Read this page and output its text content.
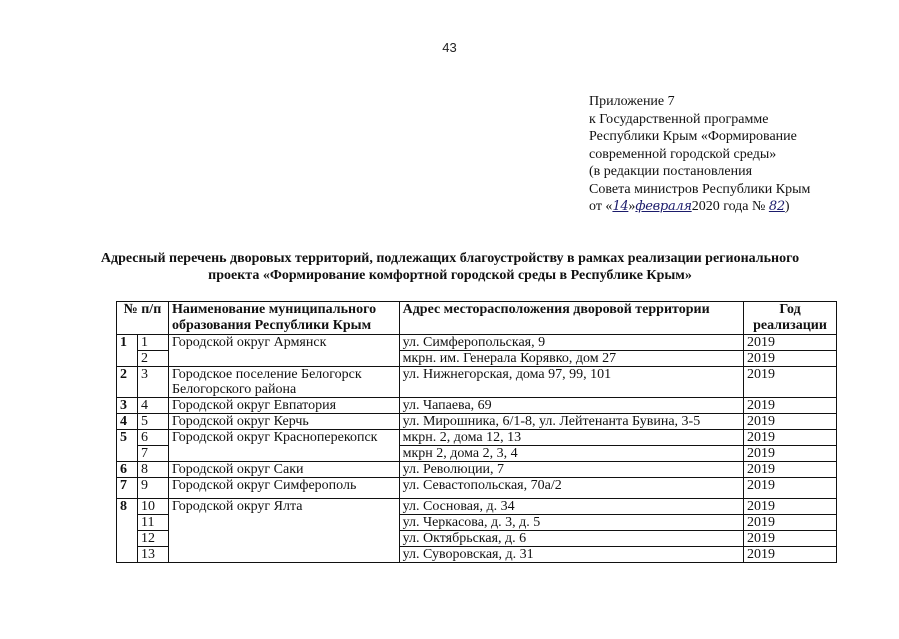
43
Приложение 7
к Государственной программе
Республики Крым «Формирование
современной городской среды»
(в редакции постановления
Совета министров Республики Крым
от «14»февраля2020 года № 82)
Адресный перечень дворовых территорий, подлежащих благоустройству в рамках реализации регионального
проекта «Формирование комфортной городской среды в Республике Крым»
№ п/п		Наименование муниципального образования Республики Крым	Адрес месторасположения дворовой территории	Год реализации
1	1	Городской округ Армянск	ул. Симферопольская, 9	2019
	2		мкрн. им. Генерала Корявко, дом 27	2019
2	3	Городское поселение Белогорск Белогорского района	ул. Нижнегорская, дома 97, 99, 101	2019
3	4	Городской округ Евпатория	ул. Чапаева, 69	2019
4	5	Городской округ Керчь	ул. Мирошника, 6/1-8, ул. Лейтенанта Бувина, 3-5	2019
5	6	Городской округ Красноперекопск	мкрн. 2, дома 12, 13	2019
	7		мкрн 2, дома 2, 3, 4	2019
6	8	Городской округ Саки	ул. Революции, 7	2019
7	9	Городской округ Симферополь	ул. Севастопольская, 70а/2	2019
8	10	Городской округ Ялта	ул. Сосновая, д. 34	2019
	11		ул. Черкасова, д. 3, д. 5	2019
	12		ул. Октябрьская, д. 6	2019
	13		ул. Суворовская, д. 31	2019
